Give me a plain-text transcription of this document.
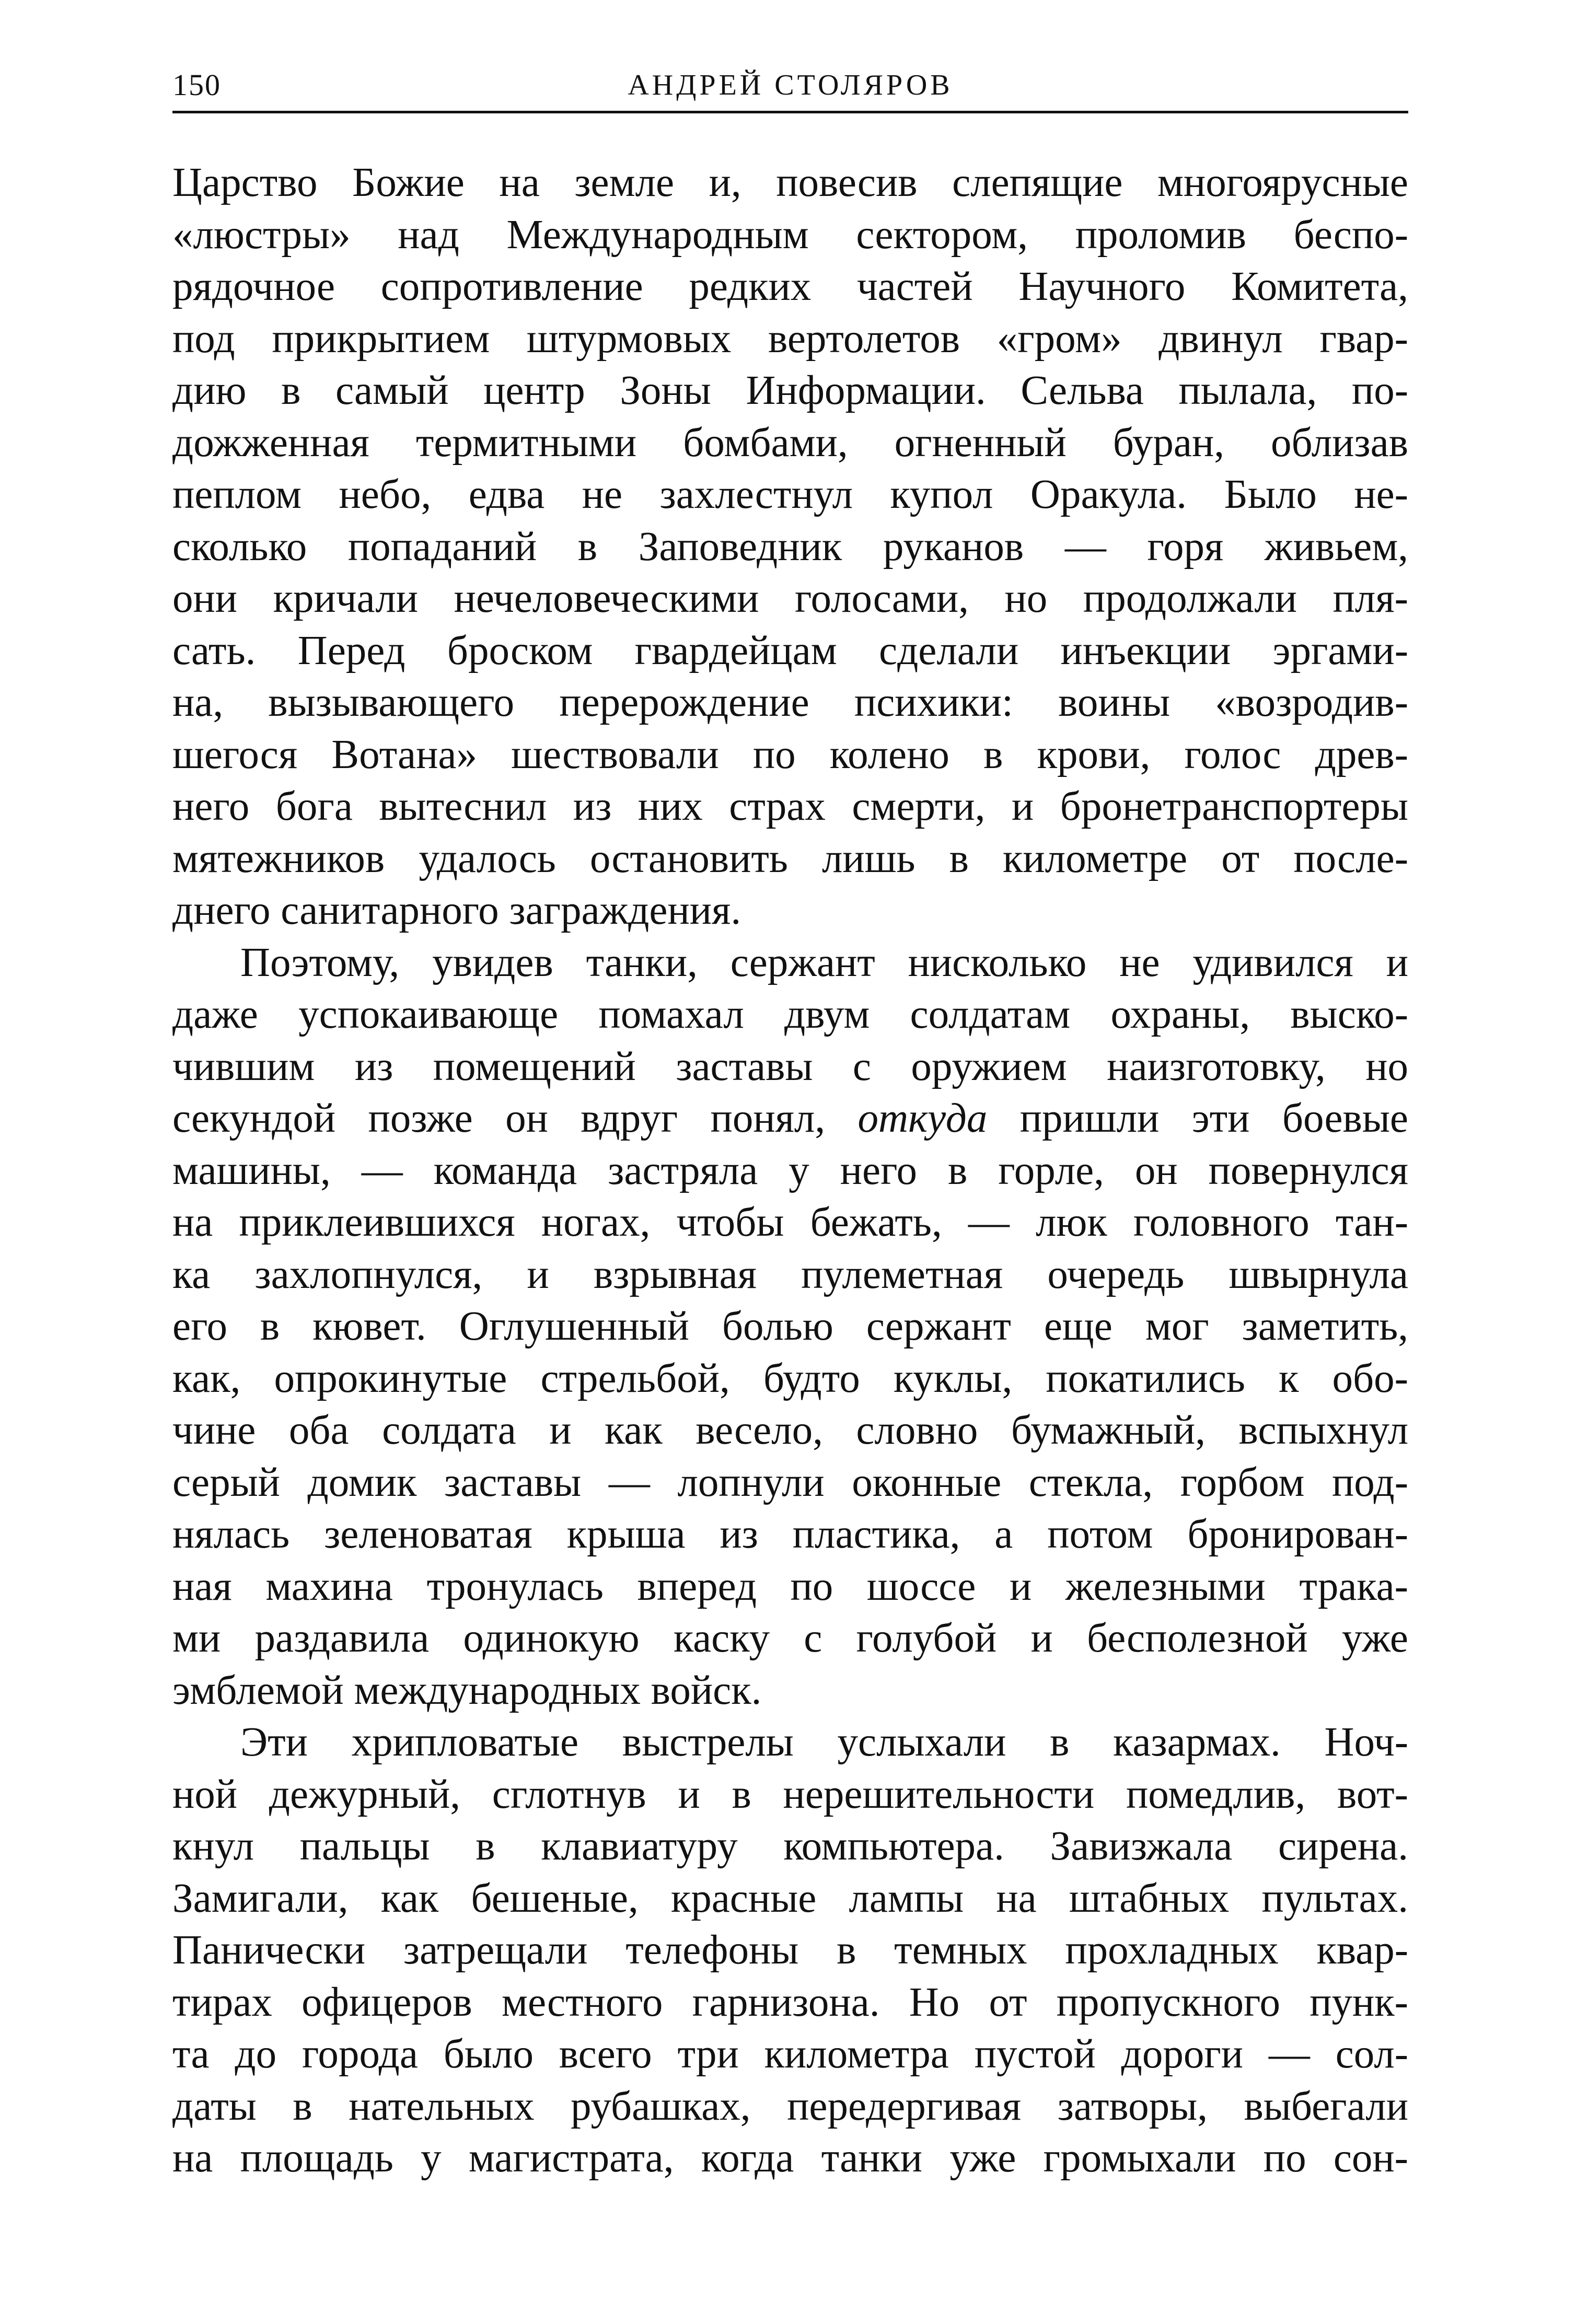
150	АНДРЕЙ СТОЛЯРОВ
Царство Божие на земле и, повесив слепящие многоярусные
«люстры» над Международным сектором, проломив беспо-
рядочное сопротивление редких частей Научного Комитета,
под прикрытием штурмовых вертолетов «гром» двинул гвар-
дию в самый центр Зоны Информации. Сельва пылала, по-
дожженная термитными бомбами, огненный буран, облизав
пеплом небо, едва не захлестнул купол Оракула. Было не-
сколько попаданий в Заповедник руканов — горя живьем,
они кричали нечеловеческими голосами, но продолжали пля-
сать. Перед броском гвардейцам сделали инъекции эргами-
на, вызывающего перерождение психики: воины «возродив-
шегося Вотана» шествовали по колено в крови, голос древ-
него бога вытеснил из них страх смерти, и бронетранспортеры
мятежников удалось остановить лишь в километре от после-
днего санитарного заграждения.
Поэтому, увидев танки, сержант нисколько не удивился и
даже успокаивающе помахал двум солдатам охраны, выско-
чившим из помещений заставы с оружием наизготовку, но
секундой позже он вдруг понял, откуда пришли эти боевые
машины, — команда застряла у него в горле, он повернулся
на приклеившихся ногах, чтобы бежать, — люк головного тан-
ка захлопнулся, и взрывная пулеметная очередь швырнула
его в кювет. Оглушенный болью сержант еще мог заметить,
как, опрокинутые стрельбой, будто куклы, покатились к обо-
чине оба солдата и как весело, словно бумажный, вспыхнул
серый домик заставы — лопнули оконные стекла, горбом под-
нялась зеленоватая крыша из пластика, а потом бронирован-
ная махина тронулась вперед по шоссе и железными трака-
ми раздавила одинокую каску с голубой и бесполезной уже
эмблемой международных войск.
Эти хрипловатые выстрелы услыхали в казармах. Ноч-
ной дежурный, сглотнув и в нерешительности помедлив, вот-
кнул пальцы в клавиатуру компьютера. Завизжала сирена.
Замигали, как бешеные, красные лампы на штабных пультах.
Панически затрещали телефоны в темных прохладных квар-
тирах офицеров местного гарнизона. Но от пропускного пунк-
та до города было всего три километра пустой дороги — сол-
даты в нательных рубашках, передергивая затворы, выбегали
на площадь у магистрата, когда танки уже громыхали по сон-
